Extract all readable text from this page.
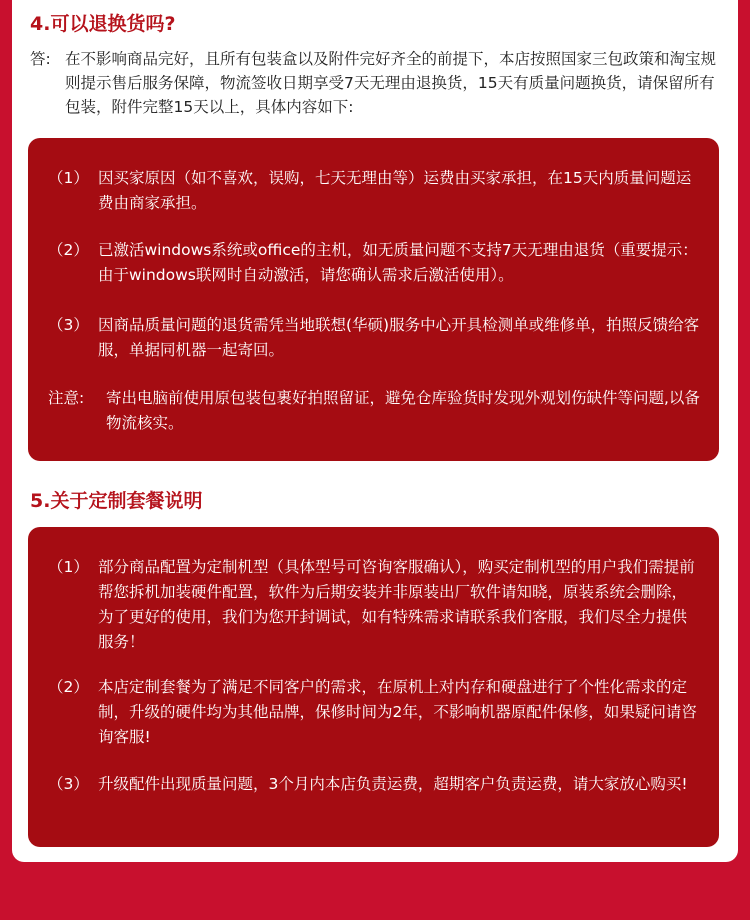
4.可以退换货吗?
答: 在不影响商品完好，且所有包装盒以及附件完好齐全的前提下，本店按照国家三包政策和淘宝规则提示售后服务保障，物流签收日期享受7天无理由退换货，15天有质量问题换货，请保留所有包装，附件完整15天以上，具体内容如下:
（1） 因买家原因（如不喜欢，误购，七天无理由等）运费由买家承担，在15天内质量问题运费由商家承担。
（2） 已激活windows系统或office的主机，如无质量问题不支持7天无理由退货（重要提示：由于windows联网时自动激活，请您确认需求后激活使用）。
（3） 因商品质量问题的退货需凭当地联想(华硕)服务中心开具检测单或维修单，拍照反馈给客服，单据同机器一起寄回。
注意: 寄出电脑前使用原包装包裹好拍照留证，避免仓库验货时发现外观划伤缺件等问题,以备物流核实。
5.关于定制套餐说明
（1） 部分商品配置为定制机型（具体型号可咨询客服确认），购买定制机型的用户我们需提前帮您拆机加装硬件配置，软件为后期安装并非原装出厂软件请知晓，原装系统会删除，为了更好的使用，我们为您开封调试，如有特殊需求请联系我们客服，我们尽全力提供服务！
（2） 本店定制套餐为了满足不同客户的需求，在原机上对内存和硬盘进行了个性化需求的定制，升级的硬件均为其他品牌，保修时间为2年，不影响机器原配件保修，如果疑问请咨询客服!
（3） 升级配件出现质量问题，3个月内本店负责运费，超期客户负责运费，请大家放心购买!
